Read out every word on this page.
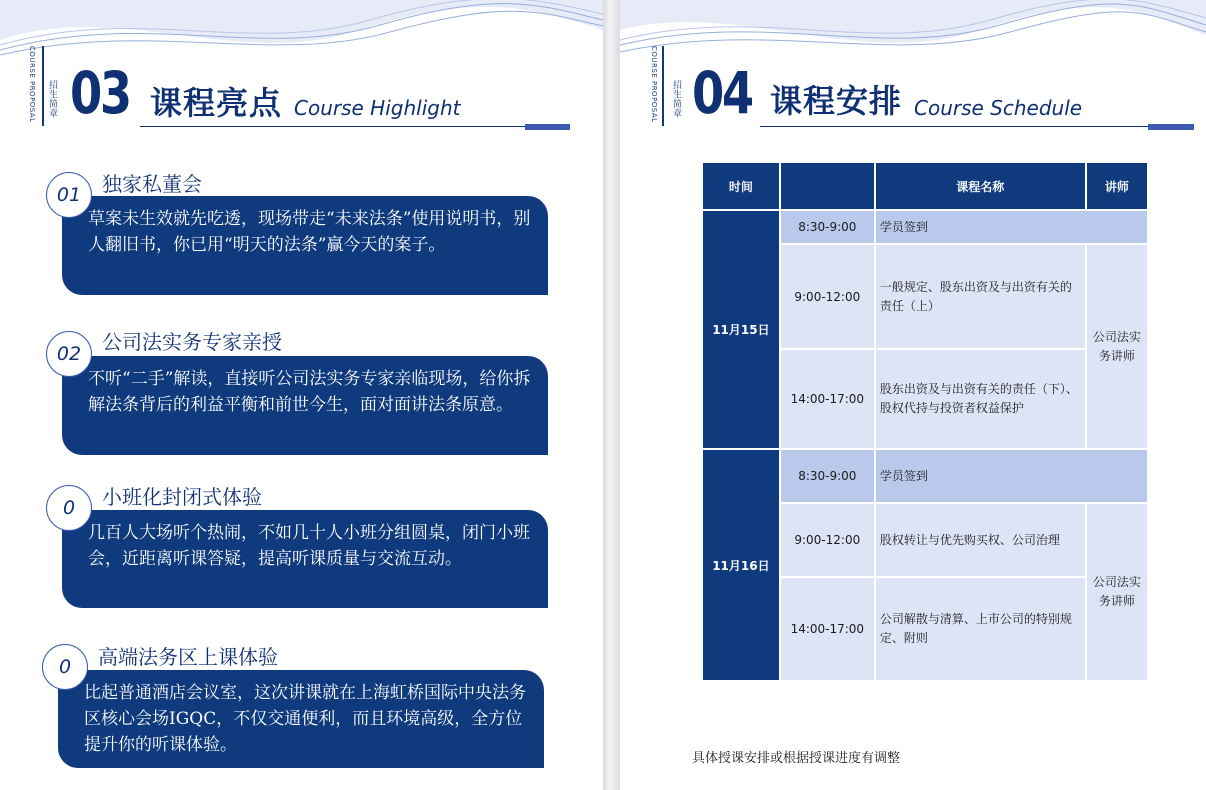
COURSE PROPOSAL 招生简章 03 课程亮点 Course Highlight
独家私董会
草案未生效就先吃透，现场带走“未来法条”使用说明书，别人翻旧书，你已用“明天的法条”赢今天的案子。
01
公司法实务专家亲授
不听“二手”解读，直接听公司法实务专家亲临现场，给你拆解法条背后的利益平衡和前世今生，面对面讲法条原意。
02
小班化封闭式体验
几百人大场听个热闹，不如几十人小班分组圆桌，闭门小班会，近距离听课答疑，提高听课质量与交流互动。
0
高端法务区上课体验
比起普通酒店会议室，这次讲课就在上海虹桥国际中央法务区核心会场IGQC，不仅交通便利，而且环境高级，全方位提升你的听课体验。
0
COURSE PROPOSAL 招生简章 04 课程安排 Course Schedule
时间		课程名称	讲师
11月15日	8:30-9:00	学员签到	
	9:00-12:00	一般规定、股东出资及与出资有关的责任（上）	公司法实务讲师
	14:00-17:00	股东出资及与出资有关的责任（下）、股权代持与投资者权益保护	
11月16日	8:30-9:00	学员签到	
	9:00-12:00	股权转让与优先购买权、公司治理	公司法实务讲师
	14:00-17:00	公司解散与清算、上市公司的特别规定、附则	
具体授课安排或根据授课进度有调整
